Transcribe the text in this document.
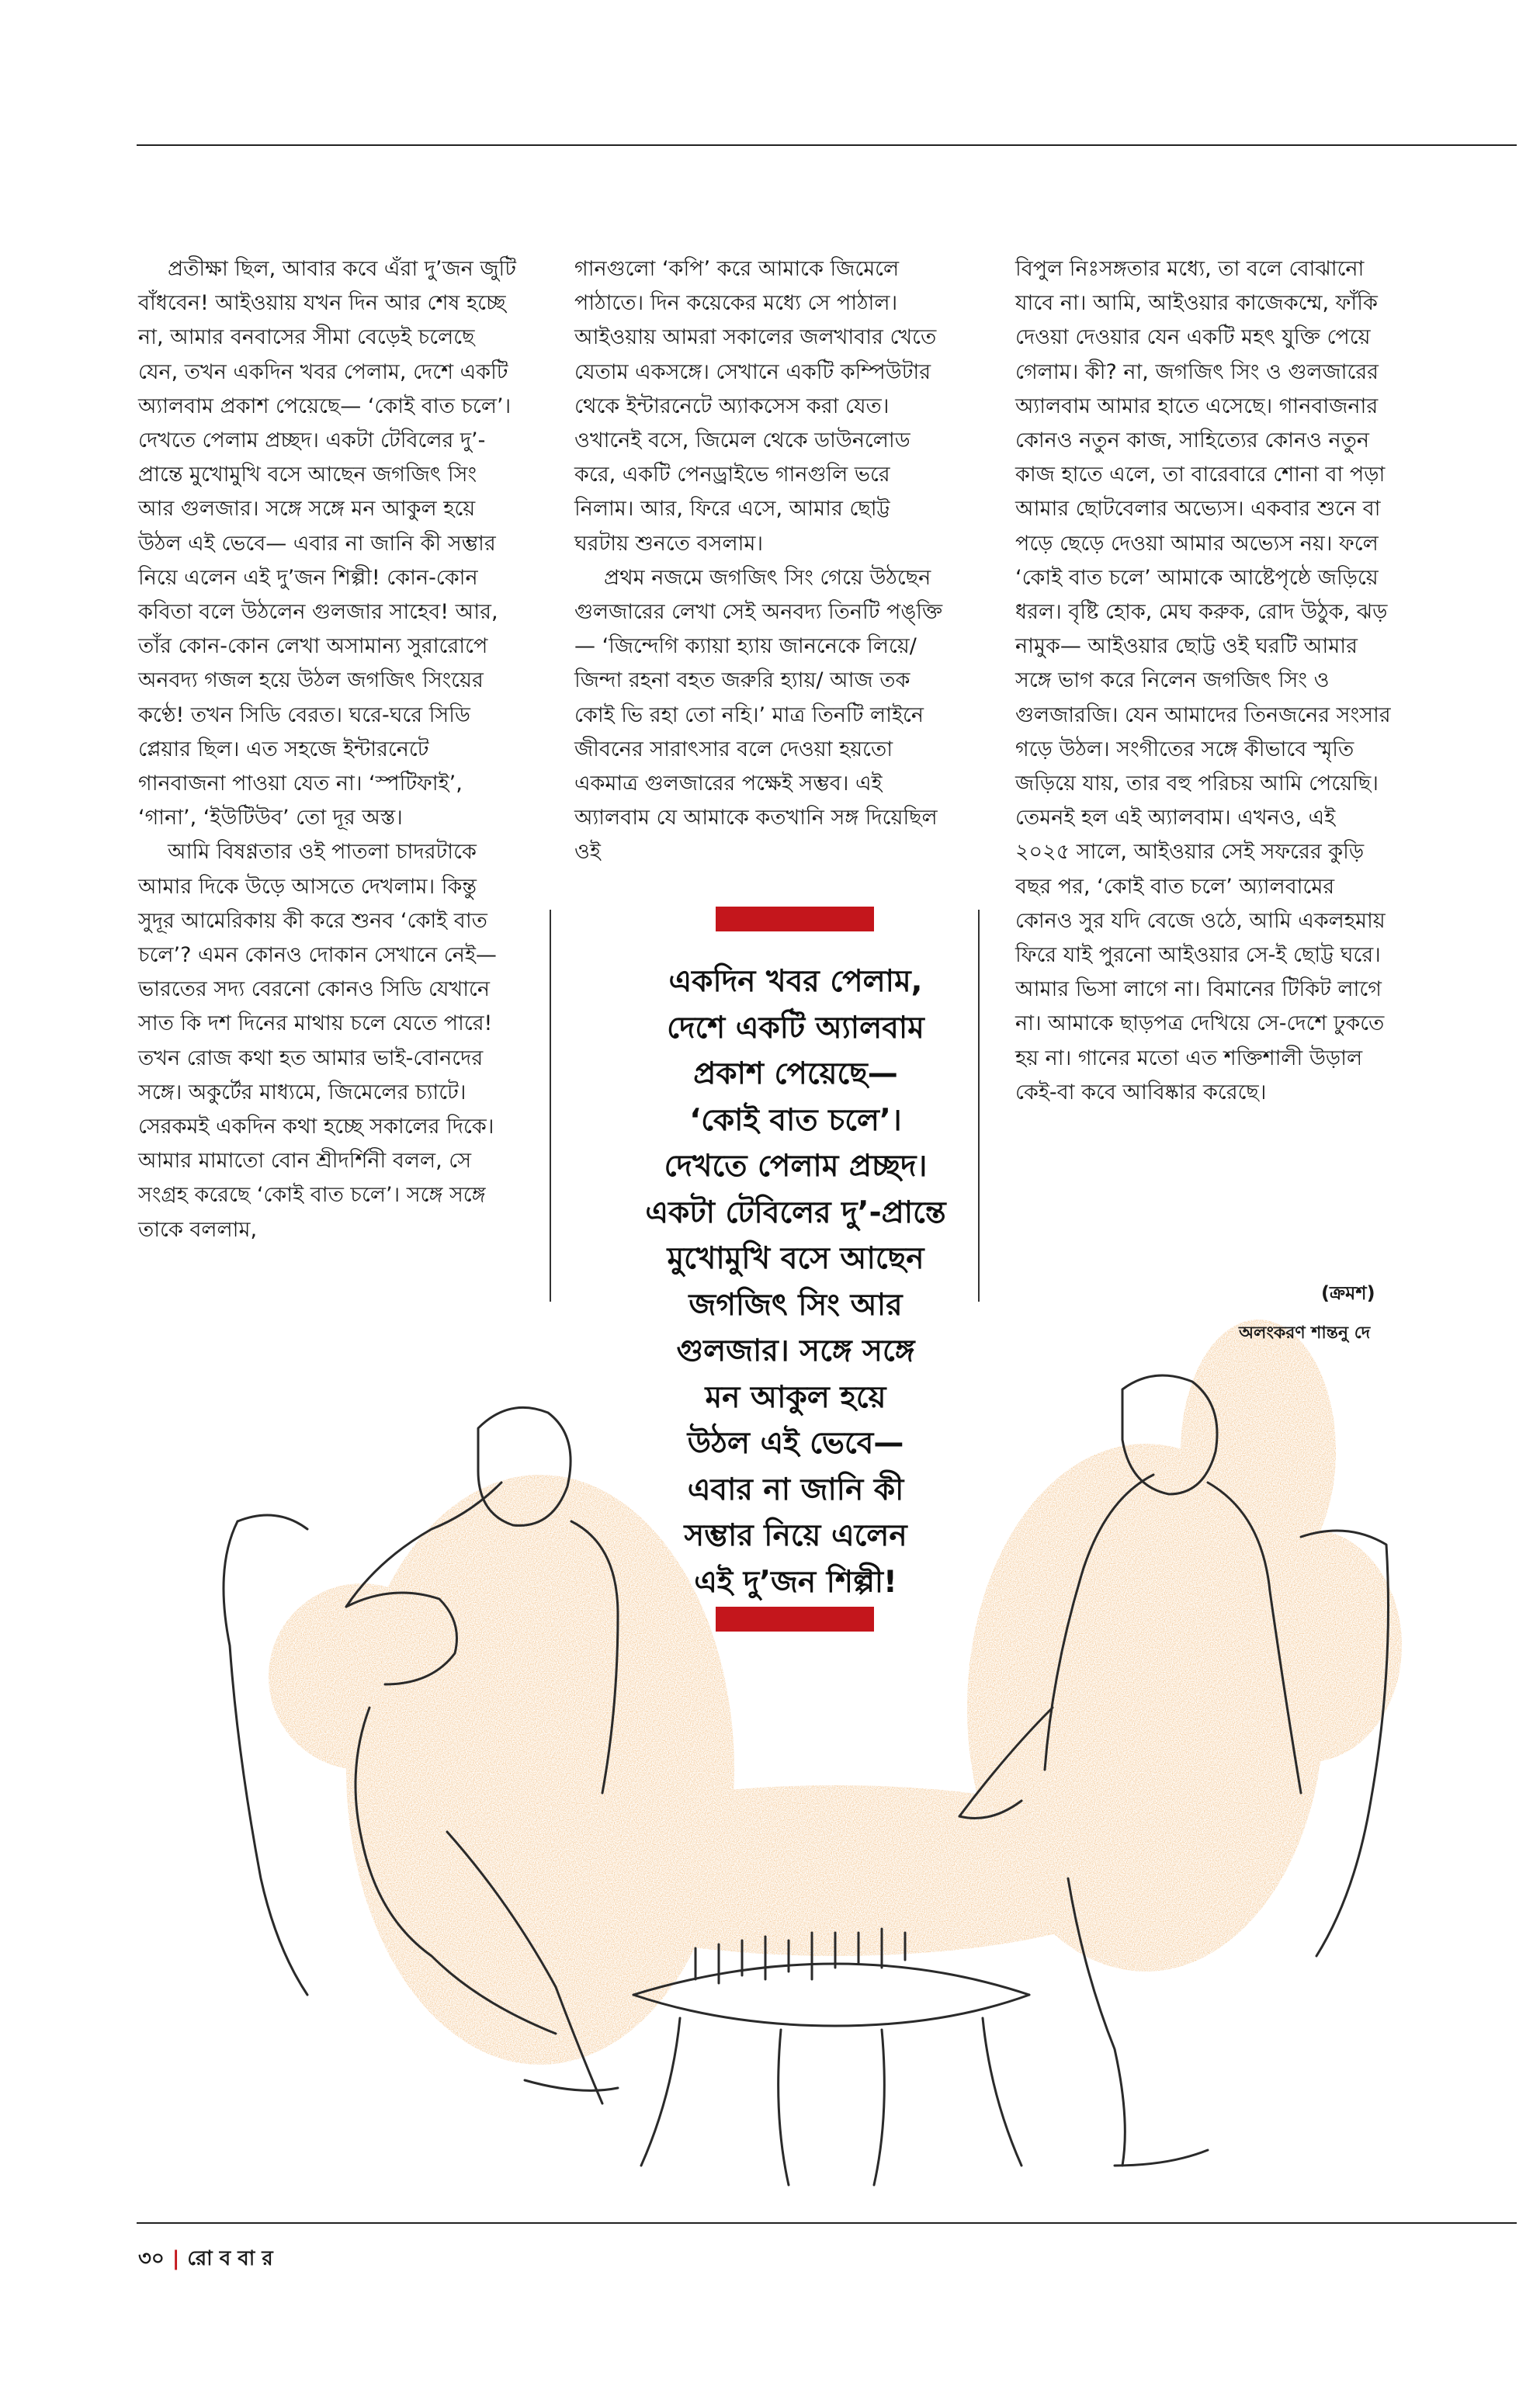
প্রতীক্ষা ছিল, আবার কবে এঁরা দু’জন জুটি বাঁধবেন! আইওয়ায় যখন দিন আর শেষ হচ্ছে না, আমার বনবাসের সীমা বেড়েই চলেছে যেন, তখন একদিন খবর পেলাম, দেশে একটি অ্যালবাম প্রকাশ পেয়েছে— ‘কোই বাত চলে’। দেখতে পেলাম প্রচ্ছদ। একটা টেবিলের দু’-প্রান্তে মুখোমুখি বসে আছেন জগজিৎ সিং আর গুলজার। সঙ্গে সঙ্গে মন আকুল হয়ে উঠল এই ভেবে— এবার না জানি কী সম্ভার নিয়ে এলেন এই দু’জন শিল্পী! কোন-কোন কবিতা বলে উঠলেন গুলজার সাহেব! আর, তাঁর কোন-কোন লেখা অসামান্য সুরারোপে অনবদ্য গজল হয়ে উঠল জগজিৎ সিংয়ের কণ্ঠে! তখন সিডি বেরত। ঘরে-ঘরে সিডি প্লেয়ার ছিল। এত সহজে ইন্টারনেটে গানবাজনা পাওয়া যেত না। ‘স্পটিফাই’, ‘গানা’, ‘ইউটিউব’ তো দূর অস্ত।

আমি বিষণ্ণতার ওই পাতলা চাদরটাকে আমার দিকে উড়ে আসতে দেখলাম। কিন্তু সুদূর আমেরিকায় কী করে শুনব ‘কোই বাত চলে’? এমন কোনও দোকান সেখানে নেই— ভারতের সদ্য বেরনো কোনও সিডি যেখানে সাত কি দশ দিনের মাথায় চলে যেতে পারে! তখন রোজ কথা হত আমার ভাই-বোনদের সঙ্গে। অকুর্টের মাধ্যমে, জিমেলের চ্যাটে। সেরকমই একদিন কথা হচ্ছে সকালের দিকে। আমার মামাতো বোন শ্রীদর্শিনী বলল, সে সংগ্রহ করেছে ‘কোই বাত চলে’। সঙ্গে সঙ্গে তাকে বললাম,

গানগুলো ‘কপি’ করে আমাকে জিমেলে পাঠাতে। দিন কয়েকের মধ্যে সে পাঠাল। আইওয়ায় আমরা সকালের জলখাবার খেতে যেতাম একসঙ্গে। সেখানে একটি কম্পিউটার থেকে ইন্টারনেটে অ্যাকসেস করা যেত। ওখানেই বসে, জিমেল থেকে ডাউনলোড করে, একটি পেনড্রাইভে গানগুলি ভরে নিলাম। আর, ফিরে এসে, আমার ছোট্ট ঘরটায় শুনতে বসলাম।

প্রথম নজমে জগজিৎ সিং গেয়ে উঠছেন গুলজারের লেখা সেই অনবদ্য তিনটি পঙ্‌ক্তি— ‘জিন্দেগি ক্যায়া হ্যায় জাননেকে লিয়ে/ জিন্দা রহনা বহত জরুরি হ্যায়/ আজ তক কোই ভি রহা তো নহি।’ মাত্র তিনটি লাইনে জীবনের সারাৎসার বলে দেওয়া হয়তো একমাত্র গুলজারের পক্ষেই সম্ভব। এই অ্যালবাম যে আমাকে কতখানি সঙ্গ দিয়েছিল ওই

বিপুল নিঃসঙ্গতার মধ্যে, তা বলে বোঝানো যাবে না। আমি, আইওয়ার কাজেকম্মে, ফাঁকি দেওয়া দেওয়ার যেন একটি মহৎ যুক্তি পেয়ে গেলাম। কী? না, জগজিৎ সিং ও গুলজারের অ্যালবাম আমার হাতে এসেছে। গানবাজনার কোনও নতুন কাজ, সাহিত্যের কোনও নতুন কাজ হাতে এলে, তা বারেবারে শোনা বা পড়া আমার ছোটবেলার অভ্যেস। একবার শুনে বা পড়ে ছেড়ে দেওয়া আমার অভ্যেস নয়। ফলে ‘কোই বাত চলে’ আমাকে আষ্টেপৃষ্ঠে জড়িয়ে ধরল। বৃষ্টি হোক, মেঘ করুক, রোদ উঠুক, ঝড় নামুক— আইওয়ার ছোট্ট ওই ঘরটি আমার সঙ্গে ভাগ করে নিলেন জগজিৎ সিং ও গুলজারজি। যেন আমাদের তিনজনের সংসার গড়ে উঠল। সংগীতের সঙ্গে কীভাবে স্মৃতি জড়িয়ে যায়, তার বহু পরিচয় আমি পেয়েছি। তেমনই হল এই অ্যালবাম। এখনও, এই ২০২৫ সালে, আইওয়ার সেই সফরের কুড়ি বছর পর, ‘কোই বাত চলে’ অ্যালবামের কোনও সুর যদি বেজে ওঠে, আমি একলহমায় ফিরে যাই পুরনো আইওয়ার সে-ই ছোট্ট ঘরে। আমার ভিসা লাগে না। বিমানের টিকিট লাগে না। আমাকে ছাড়পত্র দেখিয়ে সে-দেশে ঢুকতে হয় না। গানের মতো এত শক্তিশালী উড়াল কেই-বা কবে আবিষ্কার করেছে।

(ক্রমশ)
একদিন খবর পেলাম,
দেশে একটি অ্যালবাম
প্রকাশ পেয়েছে—
‘কোই বাত চলে’।
দেখতে পেলাম প্রচ্ছদ।
একটা টেবিলের দু’-প্রান্তে
মুখোমুখি বসে আছেন
জগজিৎ সিং আর
গুলজার। সঙ্গে সঙ্গে
মন আকুল হয়ে
উঠল এই ভেবে—
এবার না জানি কী
সম্ভার নিয়ে এলেন
এই দু’জন শিল্পী!
অলংকরণ শান্তনু দে
৩০ | রো ব বা র
